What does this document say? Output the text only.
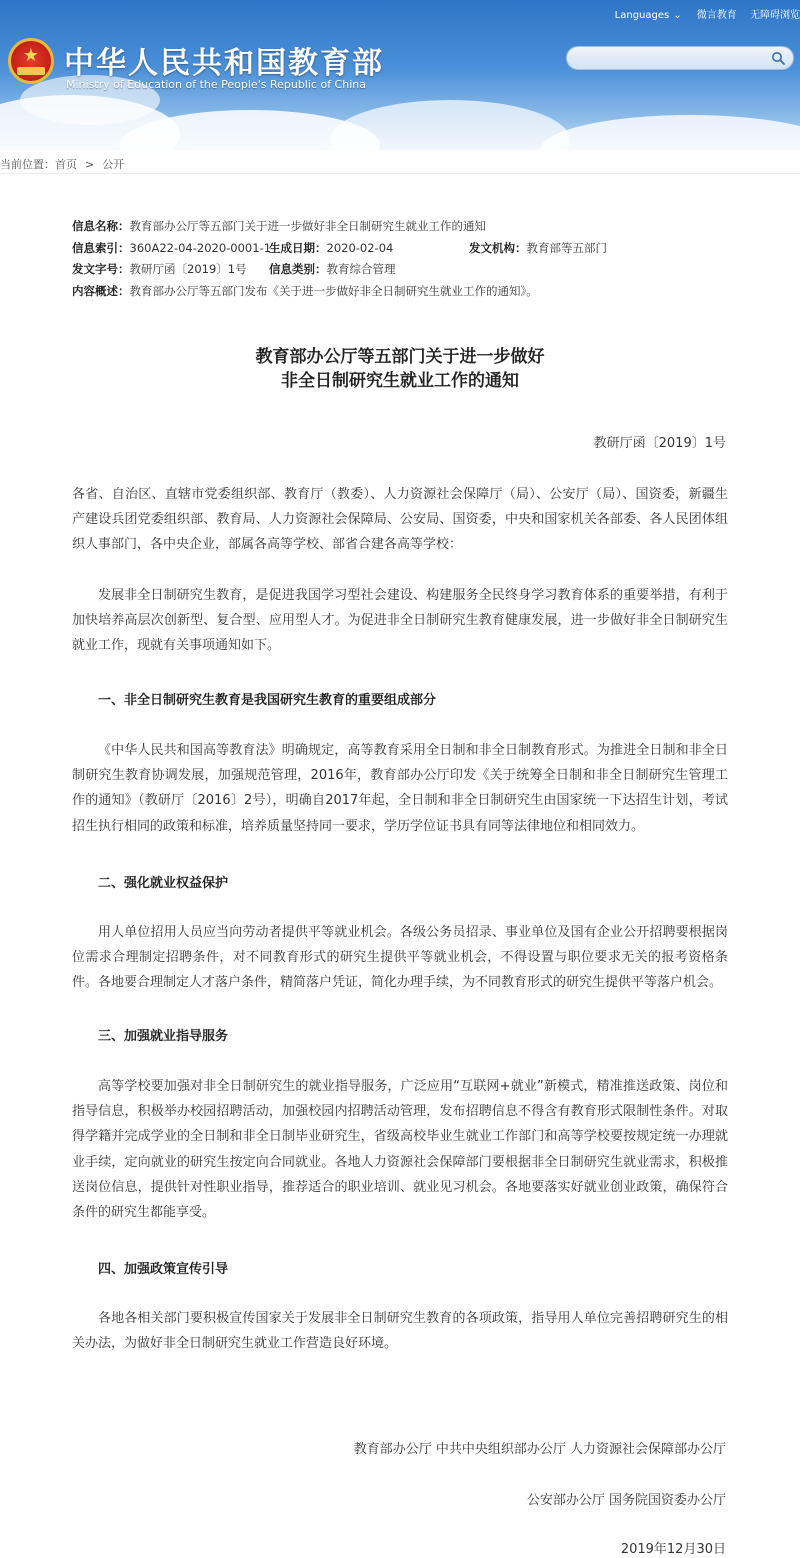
★ 中华人民共和国教育部
Ministry of Education of the People's Republic of China
Languages ⌄ 微言教育 无障碍浏览
当前位置：首页 > 公开
信息名称：教育部办公厅等五部门关于进一步做好非全日制研究生就业工作的通知
信息索引：360A22-04-2020-0001-1
生成日期：2020-02-04	发文机构：教育部等五部门
发文字号：教研厅函〔2019〕1号 信息类别：教育综合管理
内容概述：教育部办公厅等五部门发布《关于进一步做好非全日制研究生就业工作的通知》。
教育部办公厅等五部门关于进一步做好
非全日制研究生就业工作的通知
教研厅函〔2019〕1号
各省、自治区、直辖市党委组织部、教育厅（教委）、人力资源社会保障厅（局）、公安厅（局）、国资委，新疆生产建设兵团党委组织部、教育局、人力资源社会保障局、公安局、国资委，中央和国家机关各部委、各人民团体组织人事部门，各中央企业，部属各高等学校、部省合建各高等学校：
发展非全日制研究生教育，是促进我国学习型社会建设、构建服务全民终身学习教育体系的重要举措，有利于加快培养高层次创新型、复合型、应用型人才。为促进非全日制研究生教育健康发展，进一步做好非全日制研究生就业工作，现就有关事项通知如下。
一、非全日制研究生教育是我国研究生教育的重要组成部分
《中华人民共和国高等教育法》明确规定，高等教育采用全日制和非全日制教育形式。为推进全日制和非全日制研究生教育协调发展，加强规范管理，2016年，教育部办公厅印发《关于统筹全日制和非全日制研究生管理工作的通知》（教研厅〔2016〕2号），明确自2017年起，全日制和非全日制研究生由国家统一下达招生计划，考试招生执行相同的政策和标准，培养质量坚持同一要求，学历学位证书具有同等法律地位和相同效力。
二、强化就业权益保护
用人单位招用人员应当向劳动者提供平等就业机会。各级公务员招录、事业单位及国有企业公开招聘要根据岗位需求合理制定招聘条件，对不同教育形式的研究生提供平等就业机会，不得设置与职位要求无关的报考资格条件。各地要合理制定人才落户条件，精简落户凭证，简化办理手续，为不同教育形式的研究生提供平等落户机会。
三、加强就业指导服务
高等学校要加强对非全日制研究生的就业指导服务，广泛应用“互联网+就业”新模式，精准推送政策、岗位和指导信息，积极举办校园招聘活动，加强校园内招聘活动管理，发布招聘信息不得含有教育形式限制性条件。对取得学籍并完成学业的全日制和非全日制毕业研究生，省级高校毕业生就业工作部门和高等学校要按规定统一办理就业手续，定向就业的研究生按定向合同就业。各地人力资源社会保障部门要根据非全日制研究生就业需求，积极推送岗位信息，提供针对性职业指导，推荐适合的职业培训、就业见习机会。各地要落实好就业创业政策，确保符合条件的研究生都能享受。
四、加强政策宣传引导
各地各相关部门要积极宣传国家关于发展非全日制研究生教育的各项政策，指导用人单位完善招聘研究生的相关办法，为做好非全日制研究生就业工作营造良好环境。
教育部办公厅 中共中央组织部办公厅 人力资源社会保障部办公厅
公安部办公厅 国务院国资委办公厅
2019年12月30日
